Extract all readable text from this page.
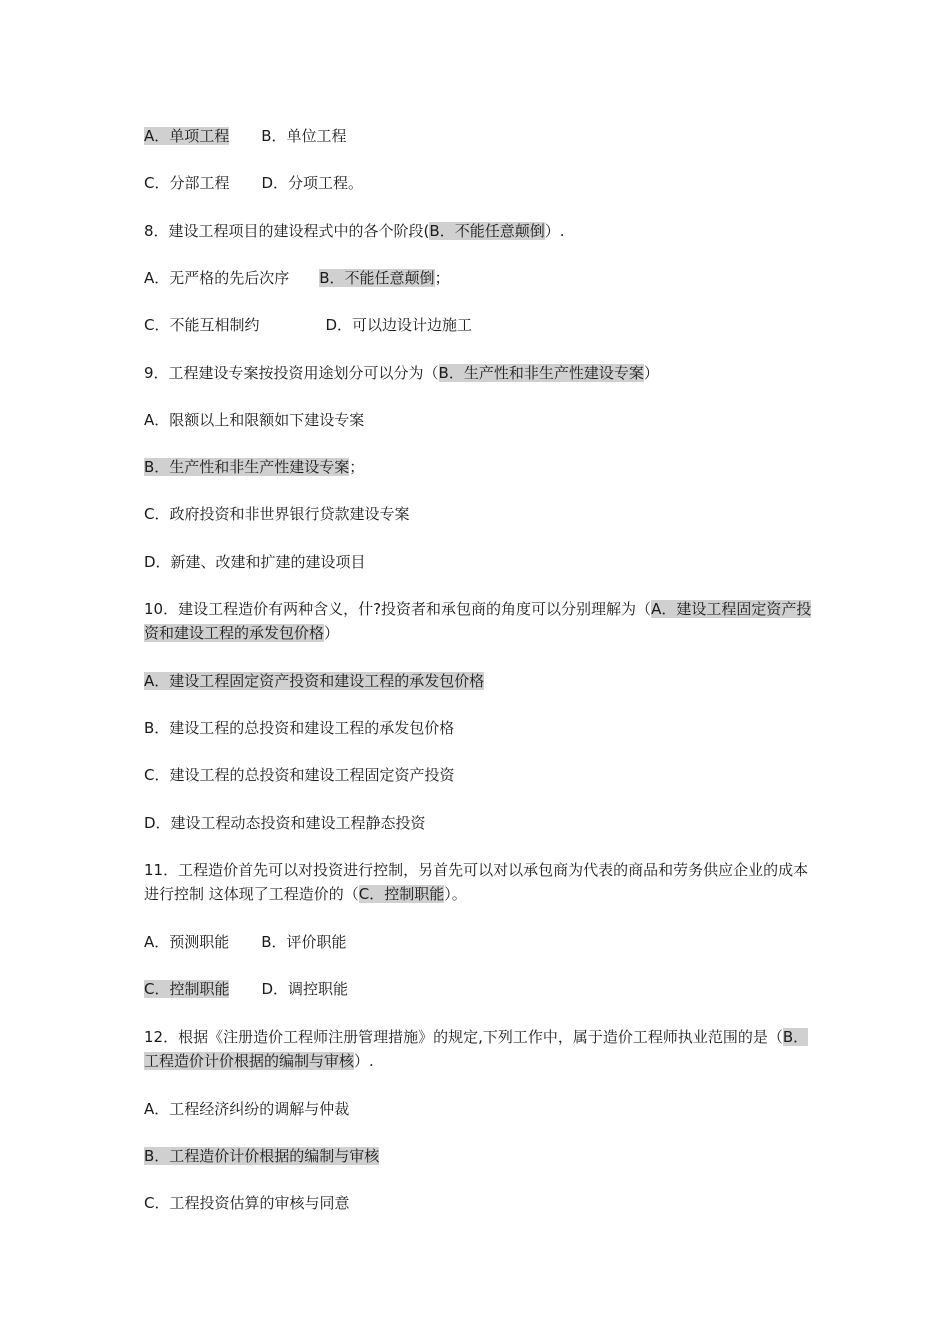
A．单项工程 B．单位工程
C．分部工程 D．分项工程。
8．建设工程项目的建设程式中的各个阶段(B．不能任意颠倒）.
A．无严格的先后次序 B．不能任意颠倒；
C．不能互相制约	D．可以边设计边施工
9．工程建设专案按投资用途划分可以分为（B．生产性和非生产性建设专案）
A．限额以上和限额如下建设专案
B．生产性和非生产性建设专案；
C．政府投资和非世界银行贷款建设专案
D．新建、改建和扩建的建设项目
10．建设工程造价有两种含义，什?投资者和承包商的角度可以分别理解为（A．建设工程固定资产投资和建设工程的承发包价格）
A．建设工程固定资产投资和建设工程的承发包价格
B．建设工程的总投资和建设工程的承发包价格
C．建设工程的总投资和建设工程固定资产投资
D．建设工程动态投资和建设工程静态投资
11．工程造价首先可以对投资进行控制，另首先可以对以承包商为代表的商品和劳务供应企业的成本进行控制 这体现了工程造价的（C．控制职能）。
A．预测职能 B．评价职能
C．控制职能 D．调控职能
12．根据《注册造价工程师注册管理措施》的规定,下列工作中，属于造价工程师执业范围的是（B．工程造价计价根据的编制与审核）.
A．工程经济纠纷的调解与仲裁
B．工程造价计价根据的编制与审核
C．工程投资估算的审核与同意
